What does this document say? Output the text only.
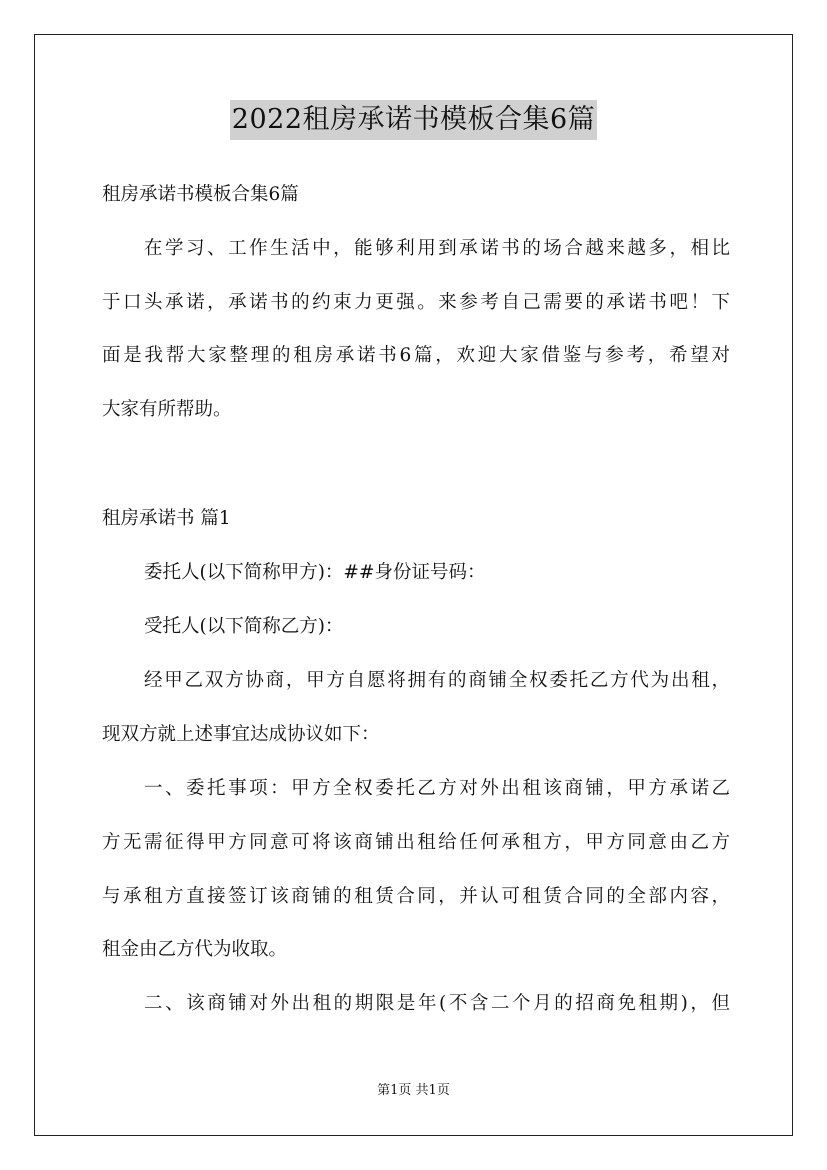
2022租房承诺书模板合集6篇
租房承诺书模板合集6篇
在学习、工作生活中，能够利用到承诺书的场合越来越多，相比
于口头承诺，承诺书的约束力更强。来参考自己需要的承诺书吧！下
面是我帮大家整理的租房承诺书6篇，欢迎大家借鉴与参考，希望对
大家有所帮助。
租房承诺书 篇1
委托人(以下简称甲方)：##身份证号码：
受托人(以下简称乙方)：
经甲乙双方协商，甲方自愿将拥有的商铺全权委托乙方代为出租，
现双方就上述事宜达成协议如下：
一、委托事项：甲方全权委托乙方对外出租该商铺，甲方承诺乙
方无需征得甲方同意可将该商铺出租给任何承租方，甲方同意由乙方
与承租方直接签订该商铺的租赁合同，并认可租赁合同的全部内容，
租金由乙方代为收取。
二、该商铺对外出租的期限是年(不含二个月的招商免租期)，但
第1页 共1页
